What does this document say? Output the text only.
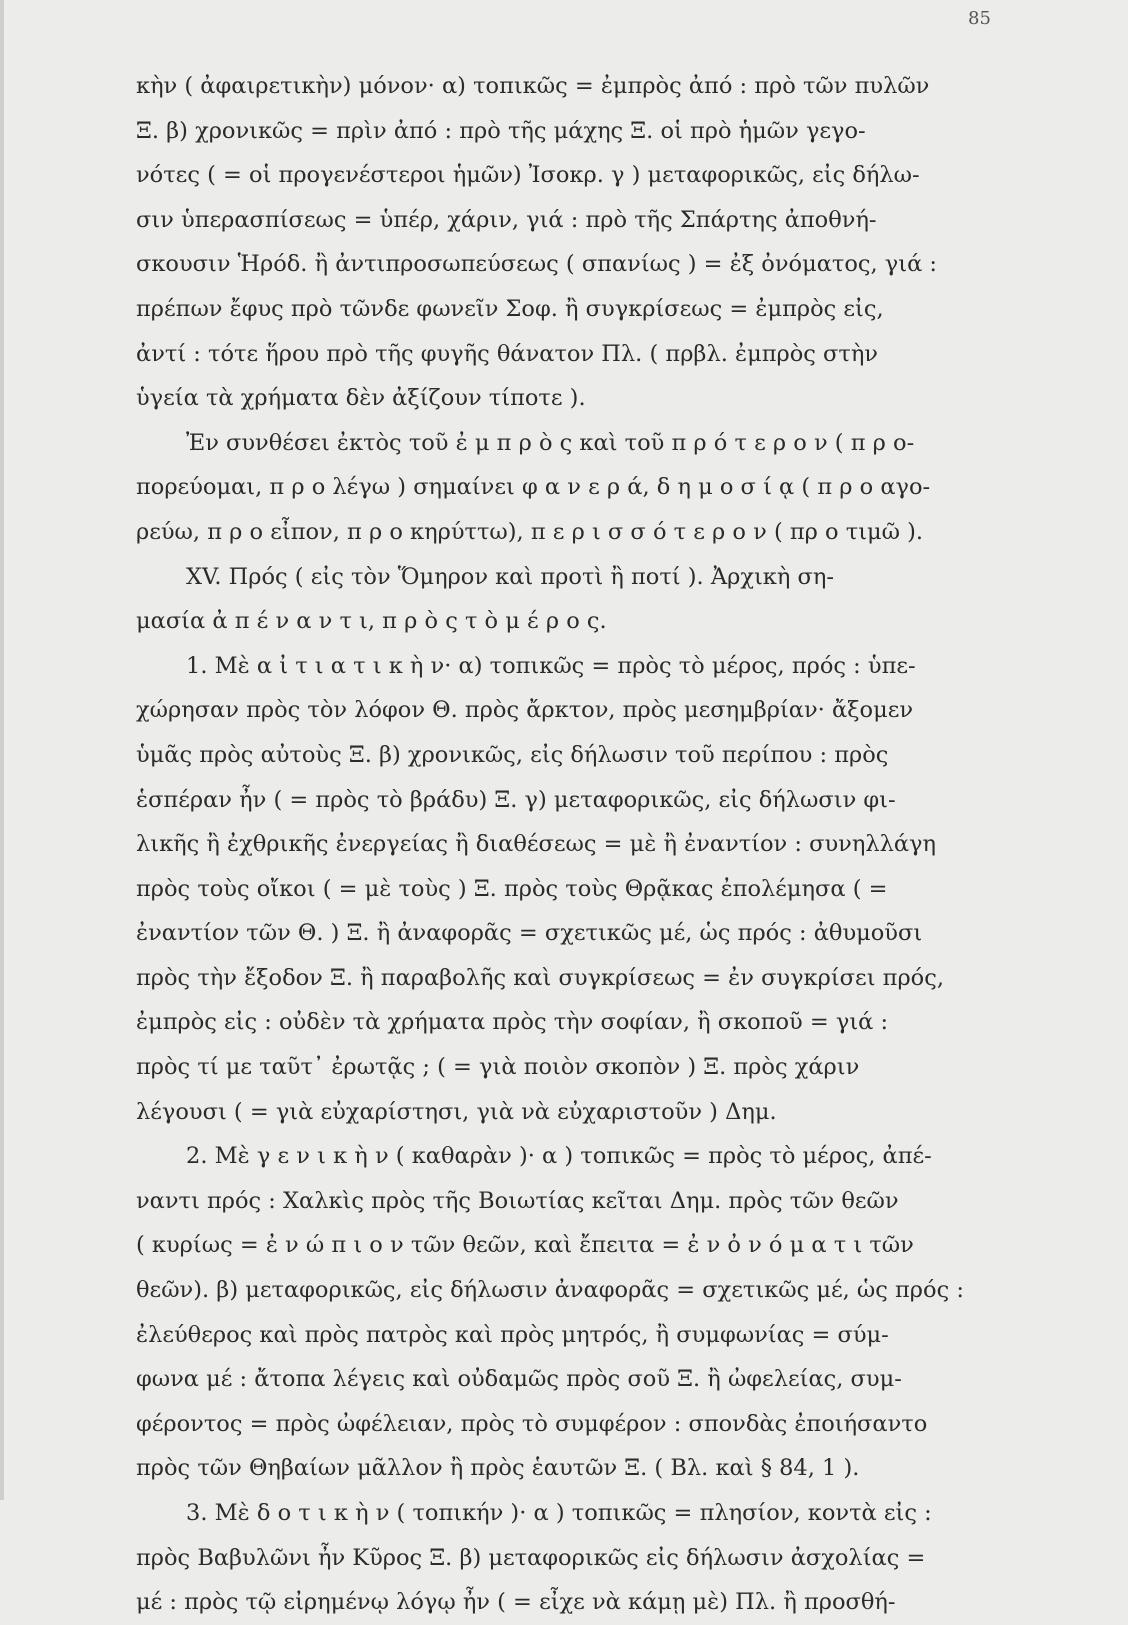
85
κὴν ( ἀφαιρετικὴν) μόνον· α) τοπικῶς = ἐμπρὸς ἀπό : πρὸ τῶν πυλῶν
Ξ. β) χρονικῶς = πρὶν ἀπό : πρὸ τῆς μάχης Ξ. οἱ πρὸ ἡμῶν γεγο-
νότες ( = οἱ προγενέστεροι ἡμῶν) Ἰσοκρ. γ ) μεταφορικῶς, εἰς δήλω-
σιν ὑπερασπίσεως = ὑπέρ, χάριν, γιά : πρὸ τῆς Σπάρτης ἀποθνή-
σκουσιν Ἡρόδ. ἢ ἀντιπροσωπεύσεως ( σπανίως ) = ἐξ ὀνόματος, γιά :
πρέπων ἔφυς πρὸ τῶνδε φωνεῖν Σοφ. ἢ συγκρίσεως = ἐμπρὸς εἰς,
ἀντί : τότε ἥρου πρὸ τῆς φυγῆς θάνατον Πλ. ( πρβλ. ἐμπρὸς στὴν
ὑγεία τὰ χρήματα δὲν ἀξίζουν τίποτε ).
Ἐν συνθέσει ἐκτὸς τοῦ ἐ μ π ρ ὸ ς καὶ τοῦ π ρ ό τ ε ρ ο ν ( π ρ ο-
πορεύομαι, π ρ ο λέγω ) σημαίνει φ α ν ε ρ ά, δ η μ ο σ ί ᾳ ( π ρ ο αγο-
ρεύω, π ρ ο εἶπον, π ρ ο κηρύττω), π ε ρ ι σ σ ό τ ε ρ ο ν ( πρ ο τιμῶ ).
XV. Πρός ( εἰς τὸν Ὅμηρον καὶ προτὶ ἢ ποτί ). Ἀρχικὴ ση-
μασία ἀ π έ ν α ν τ ι, π ρ ὸ ς τ ὸ μ έ ρ ο ς.
1. Μὲ α ἰ τ ι α τ ι κ ὴ ν· α) τοπικῶς = πρὸς τὸ μέρος, πρός : ὑπε-
χώρησαν πρὸς τὸν λόφον Θ. πρὸς ἄρκτον, πρὸς μεσημβρίαν· ἄξομεν
ὑμᾶς πρὸς αὐτοὺς Ξ. β) χρονικῶς, εἰς δήλωσιν τοῦ περίπου : πρὸς
ἑσπέραν ἦν ( = πρὸς τὸ βράδυ) Ξ. γ) μεταφορικῶς, εἰς δήλωσιν φι-
λικῆς ἢ ἐχθρικῆς ἐνεργείας ἢ διαθέσεως = μὲ ἢ ἐναντίον : συνηλλάγη
πρὸς τοὺς οἴκοι ( = μὲ τοὺς ) Ξ. πρὸς τοὺς Θρᾷκας ἐπολέμησα ( =
ἐναντίον τῶν Θ. ) Ξ. ἢ ἀναφορᾶς = σχετικῶς μέ, ὡς πρός : ἀθυμοῦσι
πρὸς τὴν ἔξοδον Ξ. ἢ παραβολῆς καὶ συγκρίσεως = ἐν συγκρίσει πρός,
ἐμπρὸς εἰς : οὐδὲν τὰ χρήματα πρὸς τὴν σοφίαν, ἢ σκοποῦ = γιά :
πρὸς τί με ταῦτ᾽ ἐρωτᾷς ; ( = γιὰ ποιὸν σκοπὸν ) Ξ. πρὸς χάριν
λέγουσι ( = γιὰ εὐχαρίστησι, γιὰ νὰ εὐχαριστοῦν ) Δημ.
2. Μὲ γ ε ν ι κ ὴ ν ( καθαρὰν )· α ) τοπικῶς = πρὸς τὸ μέρος, ἀπέ-
ναντι πρός : Χαλκὶς πρὸς τῆς Βοιωτίας κεῖται Δημ. πρὸς τῶν θεῶν
( κυρίως = ἐ ν ώ π ι ο ν τῶν θεῶν, καὶ ἔπειτα = ἐ ν ὀ ν ό μ α τ ι τῶν
θεῶν). β) μεταφορικῶς, εἰς δήλωσιν ἀναφορᾶς = σχετικῶς μέ, ὡς πρός :
ἐλεύθερος καὶ πρὸς πατρὸς καὶ πρὸς μητρός, ἢ συμφωνίας = σύμ-
φωνα μέ : ἄτοπα λέγεις καὶ οὐδαμῶς πρὸς σοῦ Ξ. ἢ ὠφελείας, συμ-
φέροντος = πρὸς ὠφέλειαν, πρὸς τὸ συμφέρον : σπονδὰς ἐποιήσαντο
πρὸς τῶν Θηβαίων μᾶλλον ἢ πρὸς ἑαυτῶν Ξ. ( Βλ. καὶ § 84, 1 ).
3. Μὲ δ ο τ ι κ ὴ ν ( τοπικήν )· α ) τοπικῶς = πλησίον, κοντὰ εἰς :
πρὸς Βαβυλῶνι ἦν Κῦρος Ξ. β) μεταφορικῶς εἰς δήλωσιν ἀσχολίας =
μέ : πρὸς τῷ εἰρημένῳ λόγῳ ἦν ( = εἶχε νὰ κάμῃ μὲ) Πλ. ἢ προσθή-
